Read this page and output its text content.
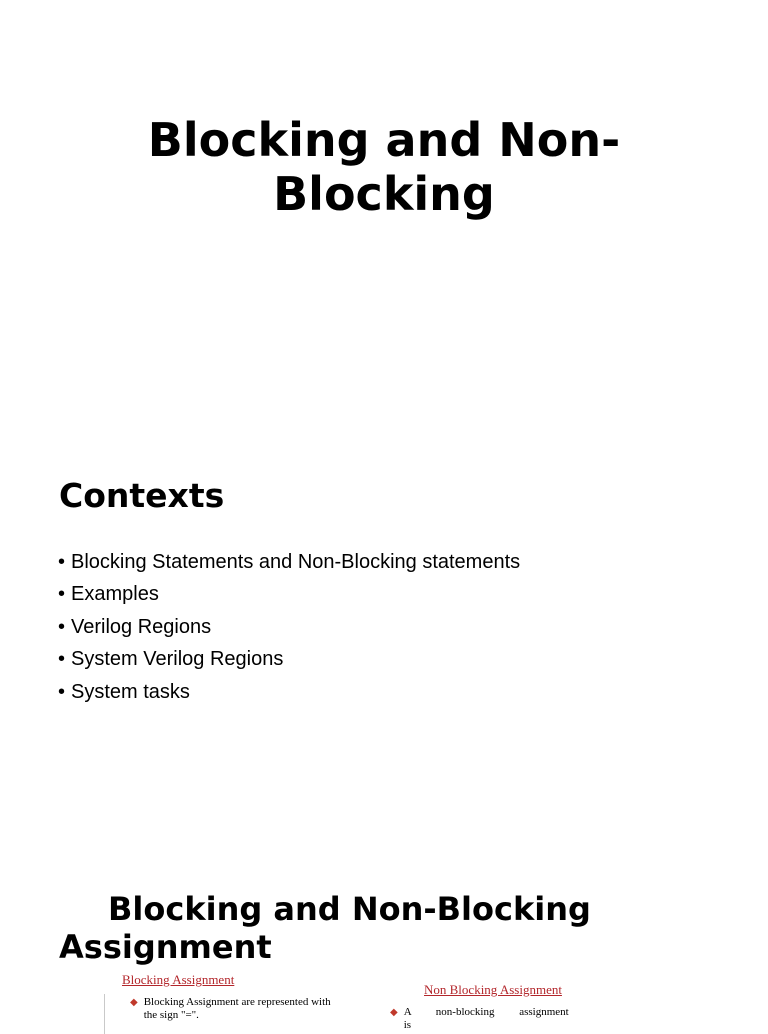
Blocking and Non-
Blocking
Contexts
• Blocking Statements and Non-Blocking statements
• Examples
• Verilog Regions
• System Verilog Regions
• System tasks
Blocking and Non-Blocking
Assignment
Blocking Assignment
◆ Blocking Assignment are represented with the sign "=".
Non Blocking Assignment
◆ A non-blocking assignment is
